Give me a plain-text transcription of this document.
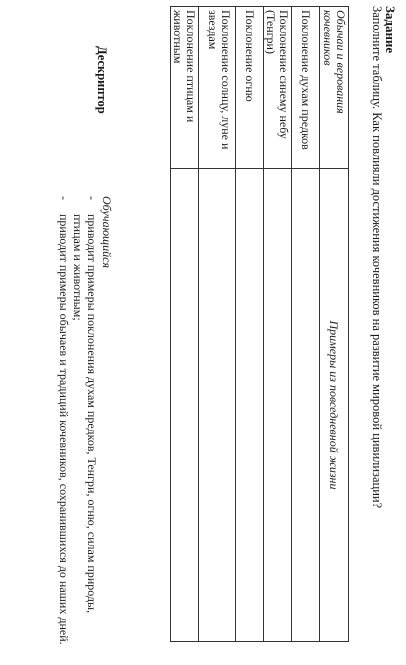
Задание
Заполните таблицу. Как повлияли достижения кочевников на развитие мировой цивилизации?
Обычаи и верования кочевников	Примеры из повседневной жизни
Поклонение духам предков	
Поклонение синему небу (Тенгри)	
Поклонение огню	
Поклонение солнцу, луне и звездам	
Поклонение птицам и животным	
Дескриптор
Обучающийся
-
приводит примеры поклонения духам предков, Тенгри, огню, силам природы, птицам и животным;
-
приводит примеры обычаев и традиций кочевников, сохранившихся до наших дней.
